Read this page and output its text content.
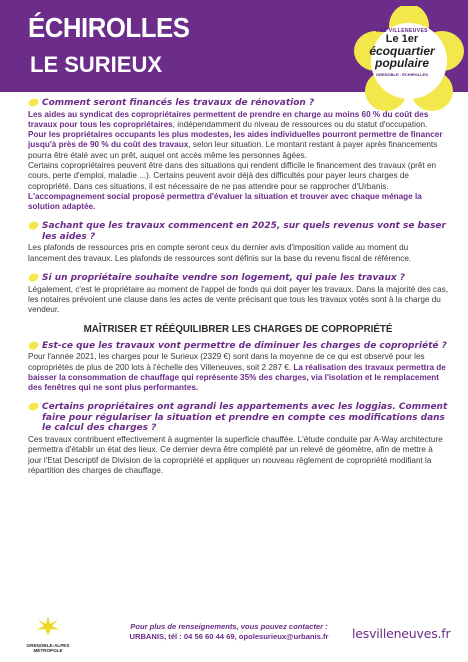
ÉCHIROLLES
LE SURIEUX
LES VILLENEUVES
Le 1er
écoquartier
populaire
GRENOBLE · ÉCHIROLLES
Comment seront financés les travaux de rénovation ?
Les aides au syndicat des copropriétaires permettent de prendre en charge au moins 60 % du coût des travaux pour tous les copropriétaires, indépendamment du niveau de ressources ou du statut d'occupation.
Pour les propriétaires occupants les plus modestes, les aides individuelles pourront permettre de financer jusqu'à près de 90 % du coût des travaux, selon leur situation. Le montant restant à payer après financements pourra être étalé avec un prêt, auquel ont accès même les personnes âgées.
Certains copropriétaires peuvent être dans des situations qui rendent difficile le financement des travaux (prêt en cours, perte d'emploi, maladie ...). Certains peuvent avoir déjà des difficultés pour payer leurs charges de copropriété. Dans ces situations, il est nécessaire de ne pas attendre pour se rapprocher d'Urbanis. L'accompagnement social proposé permettra d'évaluer la situation et trouver avec chaque ménage la solution adaptée.
Sachant que les travaux commencent en 2025, sur quels revenus vont se baser les aides ?
Les plafonds de ressources pris en compte seront ceux du dernier avis d'imposition valide au moment du lancement des travaux. Les plafonds de ressources sont définis sur la base du revenu fiscal de référence.
Si un propriétaire souhaite vendre son logement, qui paie les travaux ?
Légalement, c'est le propriétaire au moment de l'appel de fonds qui doit payer les travaux. Dans la majorité des cas, les notaires prévoient une clause dans les actes de vente précisant que tous les travaux votés sont à la charge du vendeur.
MAÎTRISER ET RÉÉQUILIBRER LES CHARGES DE COPROPRIÉTÉ
Est-ce que les travaux vont permettre de diminuer les charges de copropriété ?
Pour l'année 2021, les charges pour le Surieux (2329 €) sont dans la moyenne de ce qui est observé pour les copropriétés de plus de 200 lots à l'échelle des Villeneuves, soit 2 287 €. La réalisation des travaux permettra de baisser la consommation de chauffage qui représente 35% des charges, via l'isolation et le remplacement des fenêtres qui ne sont plus performantes.
Certains propriétaires ont agrandi les appartements avec les loggias. Comment faire pour régulariser la situation et prendre en compte ces modifications dans le calcul des charges ?
Ces travaux contribuent effectivement à augmenter la superficie chauffée. L'étude conduite par A-Way architecture permettra d'établir un état des lieux. Ce dernier devra être complété par un relevé de géomètre, afin de mettre à jour l'Etat Descriptif de Division de la copropriété et appliquer un nouveau règlement de copropriété modifiant la répartition des charges de chauffage.
GRENOBLE-ALPES
MÉTROPOLE
Pour plus de renseignements, vous pouvez contacter :
URBANIS, tél : 04 56 60 44 69, opolesurieux@urbanis.fr	lesvilleneuves.fr
